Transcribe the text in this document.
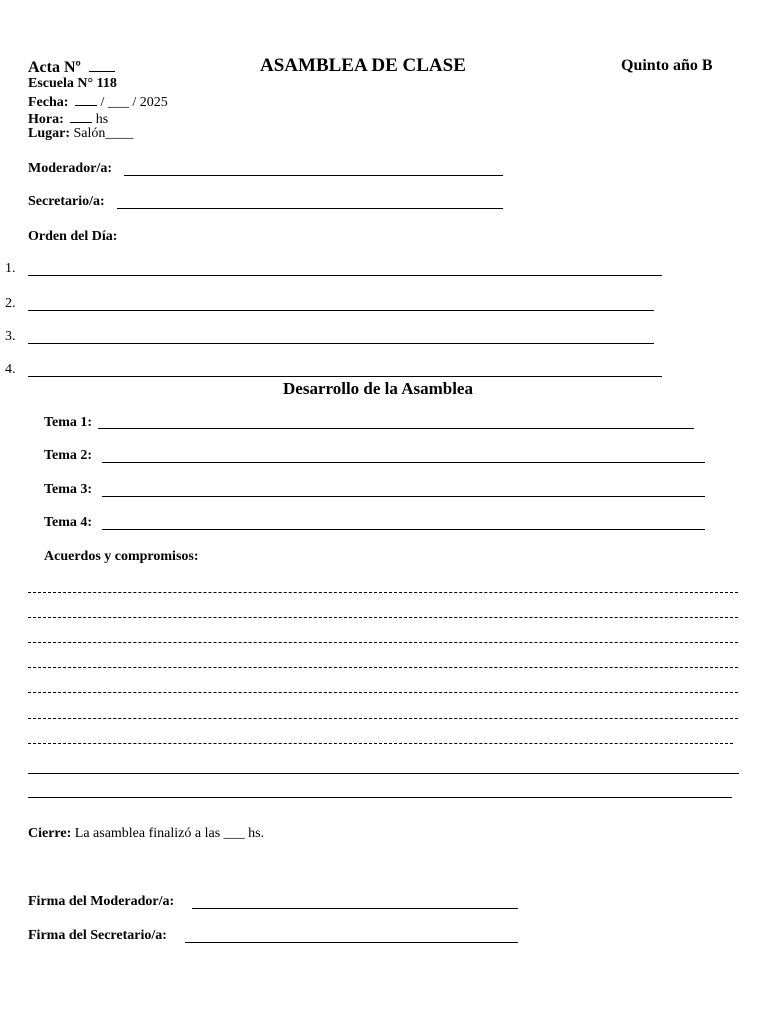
Acta Nº	ASAMBLEA DE CLASE	Quinto año B
Escuela N° 118
Fecha: / ___ / 2025
Hora: hs
Lugar: Salón____
Moderador/a:
Secretario/a:
Orden del Día:
1.
2.
3.
4.
Desarrollo de la Asamblea
Tema 1:
Tema 2:
Tema 3:
Tema 4:
Acuerdos y compromisos:
Cierre: La asamblea finalizó a las ___ hs.
Firma del Moderador/a:
Firma del Secretario/a:
